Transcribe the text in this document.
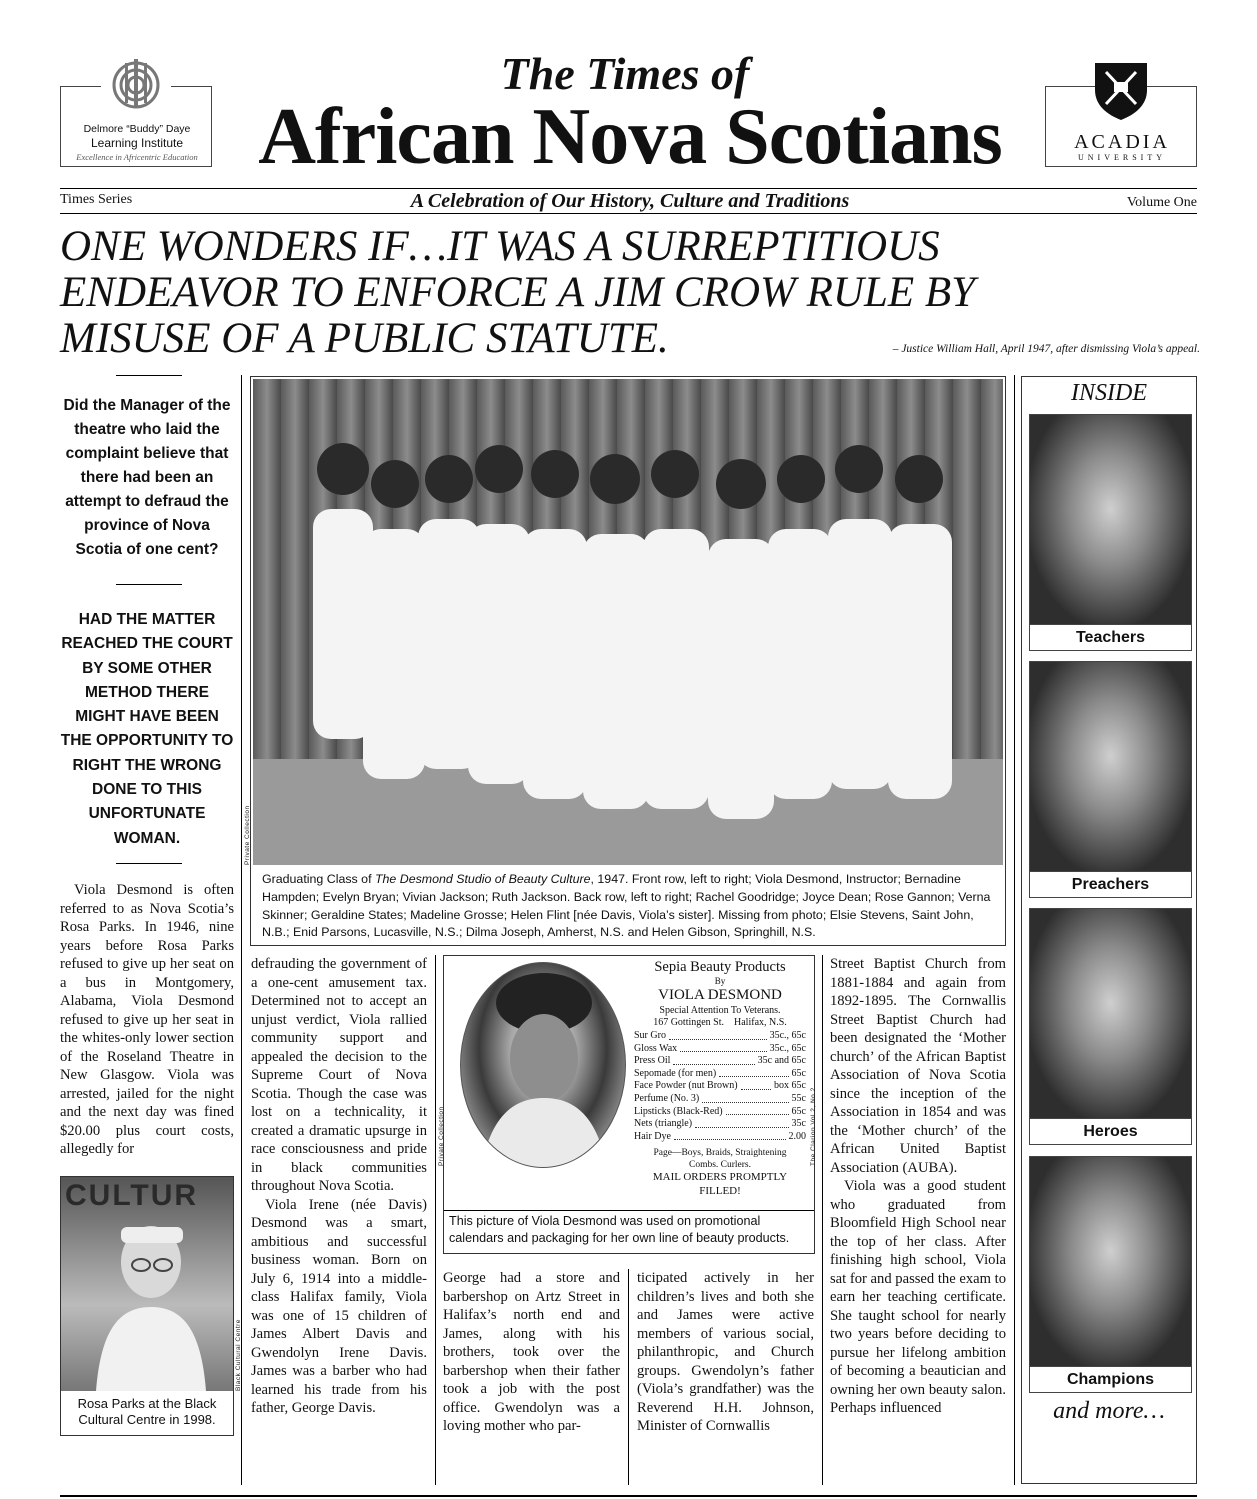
Delmore “Buddy” Daye
Learning Institute
Excellence in Africentric Education
The Times of
African Nova Scotians	ACADIA
UNIVERSITY
Times Series	A Celebration of Our History, Culture and Traditions	Volume One
ONE WONDERS IF…IT WAS A SURREPTITIOUS
ENDEAVOR TO ENFORCE A JIM CROW RULE BY
MISUSE OF A PUBLIC STATUTE.	– Justice William Hall, April 1947, after dismissing Viola’s appeal.
Did the Manager of the theatre who laid the complaint believe that there had been an attempt to defraud the province of Nova Scotia of one cent?
HAD THE MATTER REACHED THE COURT BY SOME OTHER METHOD THERE MIGHT HAVE BEEN THE OPPORTUNITY TO RIGHT THE WRONG DONE TO THIS UNFORTUNATE WOMAN.

Viola Desmond is often referred to as Nova Scotia’s Rosa Parks. In 1946, nine years before Rosa Parks refused to give up her seat on a bus in Montgomery, Alabama, Viola Desmond refused to give up her seat in the whites-only lower section of the Roseland Theatre in New Glasgow. Viola was arrested, jailed for the night and the next day was fined $20.00 plus court costs, allegedly for

CULTUR
Black Cultural Centre
Rosa Parks at the Black Cultural Centre in 1998.
Private Collection
Graduating Class of The Desmond Studio of Beauty Culture, 1947. Front row, left to right; Viola Desmond, Instructor; Bernadine Hampden; Evelyn Bryan; Vivian Jackson; Ruth Jackson. Back row, left to right; Rachel Goodridge; Joyce Dean; Rose Gannon; Verna Skinner; Geraldine States; Madeline Grosse; Helen Flint [née Davis, Viola’s sister]. Missing from photo; Elsie Stevens, Saint John, N.B.; Enid Parsons, Lucasville, N.S.; Dilma Joseph, Amherst, N.S. and Helen Gibson, Springhill, N.S.

defrauding the government of a one-cent amusement tax. Determined not to accept an unjust verdict, Viola rallied community support and appealed the decision to the Supreme Court of Nova Scotia. Though the case was lost on a technicality, it created a dramatic upsurge in race consciousness and pride in black communities throughout Nova Scotia.

Viola Irene (née Davis) Desmond was a smart, ambitious and successful business woman. Born on July 6, 1914 into a middle-class Halifax family, Viola was one of 15 children of James Albert Davis and Gwendolyn Irene Davis. James was a barber who had learned his trade from his father, George Davis.

Private Collection
Sepia Beauty Products
By
VIOLA DESMOND
Special Attention To Veterans.
167 Gottingen St.    Halifax, N.S.
Sur Gro	35c., 65c
Gloss Wax	35c., 65c
Press Oil	35c and 65c
Sepomade (for men)	65c
Face Powder (nut Brown)	box 65c
Perfume (No. 3)	55c
Lipsticks (Black-Red)	65c
Nets (triangle)	35c
Hair Dye	2.00
Page—Boys, Braids, Straightening Combs. Curlers.
MAIL ORDERS PROMPTLY FILLED!
The Clarion Vol 2, No 2
This picture of Viola Desmond was used on promotional calendars and packaging for her own line of beauty products.

George had a store and barbershop on Artz Street in Halifax’s north end and James, along with his brothers, took over the barbershop when their father took a job with the post office. Gwendolyn was a loving mother who par-

ticipated actively in her children’s lives and both she and James were active members of various social, philanthropic, and Church groups. Gwendolyn’s father (Viola’s grandfather) was the Reverend H.H. Johnson, Minister of Cornwallis

Street Baptist Church from 1881-1884 and again from 1892-1895. The Cornwallis Street Baptist Church had been designated the ‘Mother church’ of the African Baptist Association of Nova Scotia since the inception of the Association in 1854 and was the ‘Mother church’ of the African United Baptist Association (AUBA).

Viola was a good student who graduated from Bloomfield High School near the top of her class. After finishing high school, Viola sat for and passed the exam to earn her teaching certificate. She taught school for nearly two years before deciding to pursue her lifelong ambition of becoming a beautician and owning her own beauty salon. Perhaps influenced

INSIDE
Teachers
Preachers
Heroes
Champions
and more…
